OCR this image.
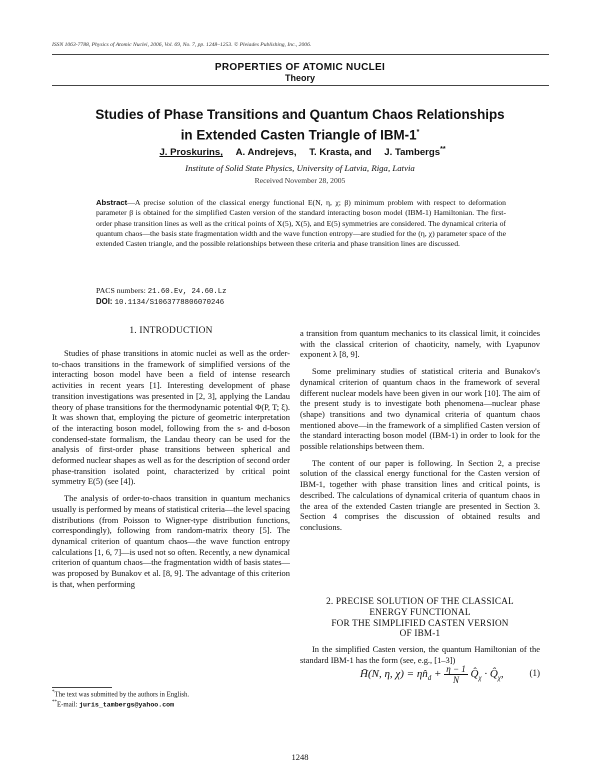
ISSN 1063-7788, Physics of Atomic Nuclei, 2006, Vol. 69, No. 7, pp. 1248–1253. © Pleiades Publishing, Inc., 2006.
PROPERTIES OF ATOMIC NUCLEI
Theory
Studies of Phase Transitions and Quantum Chaos Relationships
in Extended Casten Triangle of IBM-1*
J. Proskurins, A. Andrejevs, T. Krasta, and J. Tambergs**
Institute of Solid State Physics, University of Latvia, Riga, Latvia
Received November 28, 2005
Abstract—A precise solution of the classical energy functional E(N, η, χ; β) minimum problem with respect to deformation parameter β is obtained for the simplified Casten version of the standard interacting boson model (IBM-1) Hamiltonian. The first-order phase transition lines as well as the critical points of X(5), X(5), and E(5) symmetries are considered. The dynamical criteria of quantum chaos—the basis state fragmentation width and the wave function entropy—are studied for the (η, χ) parameter space of the extended Casten triangle, and the possible relationships between these criteria and phase transition lines are discussed.
PACS numbers: 21.60.Ev, 24.60.Lz
DOI: 10.1134/S1063778806070246
1. INTRODUCTION

Studies of phase transitions in atomic nuclei as well as the order-to-chaos transitions in the framework of simplified versions of the interacting boson model have been a field of intense research activities in recent years [1]. Interesting development of phase transition investigations was presented in [2, 3], applying the Landau theory of phase transitions for the thermodynamic potential Φ(P, T; ξ). It was shown that, employing the picture of geometric interpretation of the interacting boson model, following from the s- and d-boson condensed-state formalism, the Landau theory can be used for the analysis of first-order phase transitions between spherical and deformed nuclear shapes as well as for the description of second order phase-transition isolated point, characterized by critical point symmetry E(5) (see [4]).

The analysis of order-to-chaos transition in quantum mechanics usually is performed by means of statistical criteria—the level spacing distributions (from Poisson to Wigner-type distribution functions, correspondingly), following from random-matrix theory [5]. The dynamical criterion of quantum chaos—the wave function entropy calculations [1, 6, 7]—is used not so often. Recently, a new dynamical criterion of quantum chaos—the fragmentation width of basis states—was proposed by Bunakov et al. [8, 9]. The advantage of this criterion is that, when performing

a transition from quantum mechanics to its classical limit, it coincides with the classical criterion of chaoticity, namely, with Lyapunov exponent λ [8, 9].

Some preliminary studies of statistical criteria and Bunakov's dynamical criterion of quantum chaos in the framework of several different nuclear models have been given in our work [10]. The aim of the present study is to investigate both phenomena—nuclear phase (shape) transitions and two dynamical criteria of quantum chaos mentioned above—in the framework of a simplified Casten version of the standard interacting boson model (IBM-1) in order to look for the possible relationships between them.

The content of our paper is following. In Section 2, a precise solution of the classical energy functional for the Casten version of IBM-1, together with phase transition lines and critical points, is described. The calculations of dynamical criteria of quantum chaos in the area of the extended Casten triangle are presented in Section 3. Section 4 comprises the discussion of obtained results and conclusions.

2. PRECISE SOLUTION OF THE CLASSICAL
ENERGY FUNCTIONAL
FOR THE SIMPLIFIED CASTEN VERSION
OF IBM-1

In the simplified Casten version, the quantum Hamiltonian of the standard IBM-1 has the form (see, e.g., [1–3])

H̄(N, η, $\chi) = \eta n̂_d + \frac{\eta - 1}{N}$ $Q̂_\chi$ · $Q̂_\chi$,	(1)
*The text was submitted by the authors in English.
**E-mail: juris_tambergs@yahoo.com
1248
